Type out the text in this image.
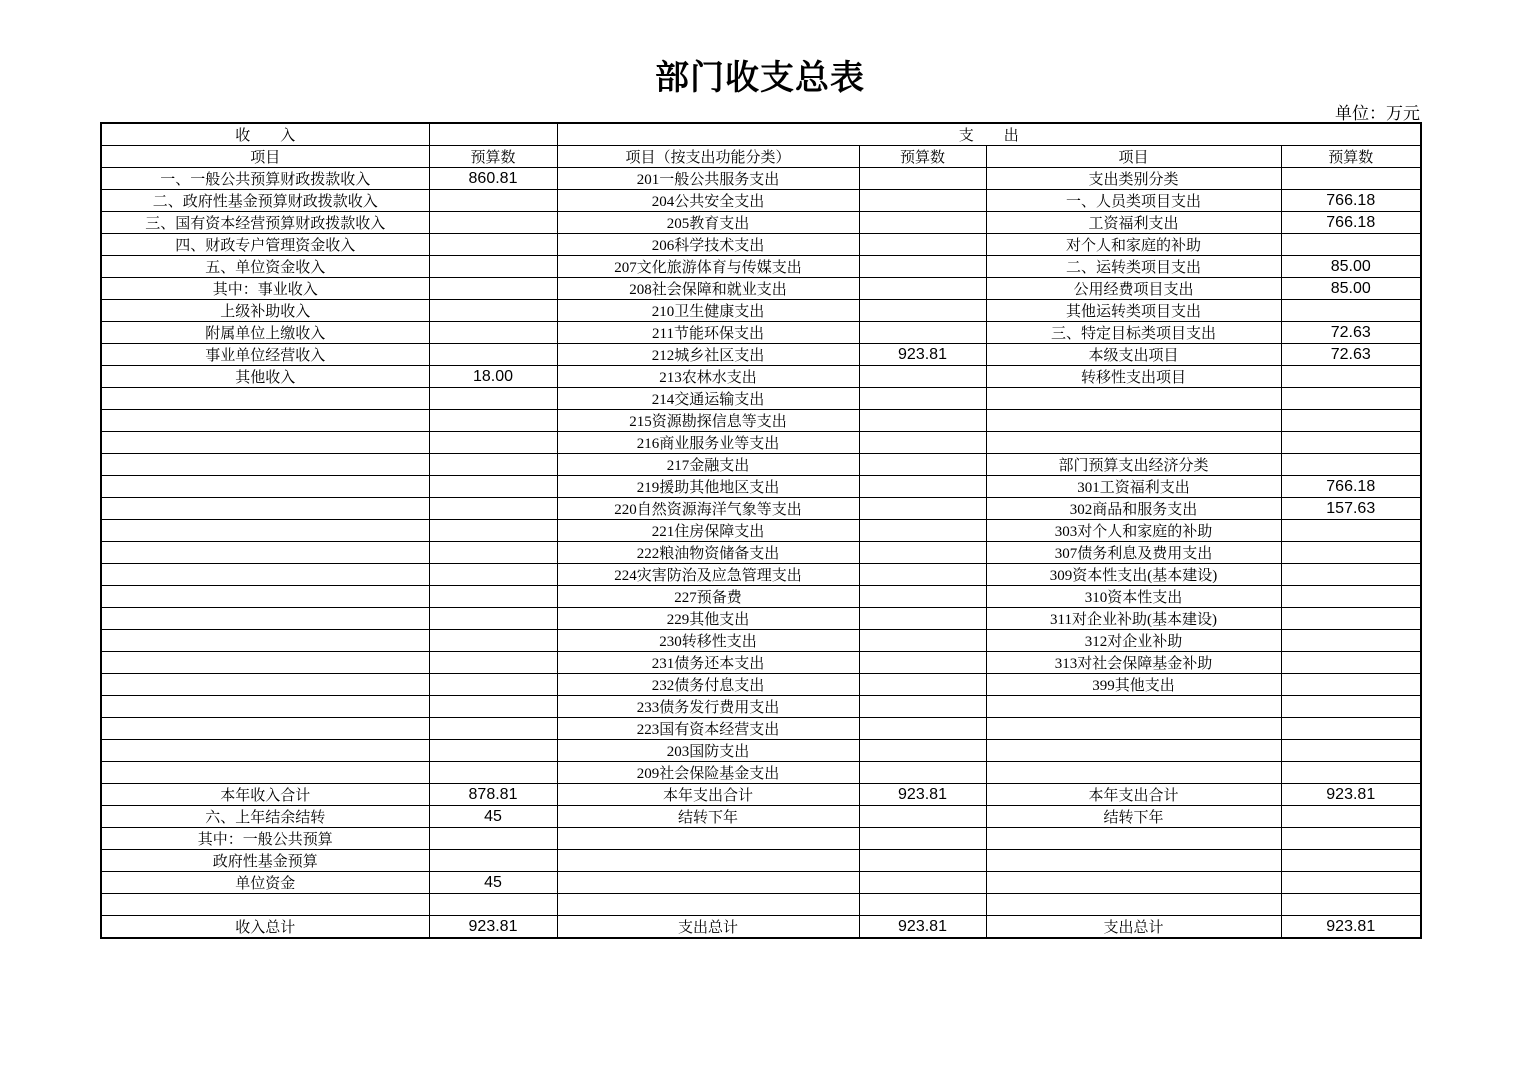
部门收支总表
单位：万元
收　　入		支　　出			
项目	预算数	项目（按支出功能分类）	预算数	项目	预算数
一、一般公共预算财政拨款收入	860.81	201一般公共服务支出		支出类别分类	
二、政府性基金预算财政拨款收入		204公共安全支出		一、人员类项目支出	766.18
三、国有资本经营预算财政拨款收入		205教育支出		工资福利支出	766.18
四、财政专户管理资金收入		206科学技术支出		对个人和家庭的补助	
五、单位资金收入		207文化旅游体育与传媒支出		二、运转类项目支出	85.00
其中：事业收入		208社会保障和就业支出		公用经费项目支出	85.00
上级补助收入		210卫生健康支出		其他运转类项目支出	
附属单位上缴收入		211节能环保支出		三、特定目标类项目支出	72.63
事业单位经营收入		212城乡社区支出	923.81	本级支出项目	72.63
其他收入	18.00	213农林水支出		转移性支出项目	
		214交通运输支出			
		215资源勘探信息等支出			
		216商业服务业等支出			
		217金融支出		部门预算支出经济分类	
		219援助其他地区支出		301工资福利支出	766.18
		220自然资源海洋气象等支出		302商品和服务支出	157.63
		221住房保障支出		303对个人和家庭的补助	
		222粮油物资储备支出		307债务利息及费用支出	
		224灾害防治及应急管理支出		309资本性支出(基本建设)	
		227预备费		310资本性支出	
		229其他支出		311对企业补助(基本建设)	
		230转移性支出		312对企业补助	
		231债务还本支出		313对社会保障基金补助	
		232债务付息支出		399其他支出	
		233债务发行费用支出			
		223国有资本经营支出			
		203国防支出			
		209社会保险基金支出			
本年收入合计	878.81	本年支出合计	923.81	本年支出合计	923.81
六、上年结余结转	45	结转下年		结转下年	
其中：一般公共预算					
政府性基金预算					
单位资金	45				

收入总计	923.81	支出总计	923.81	支出总计	923.81
